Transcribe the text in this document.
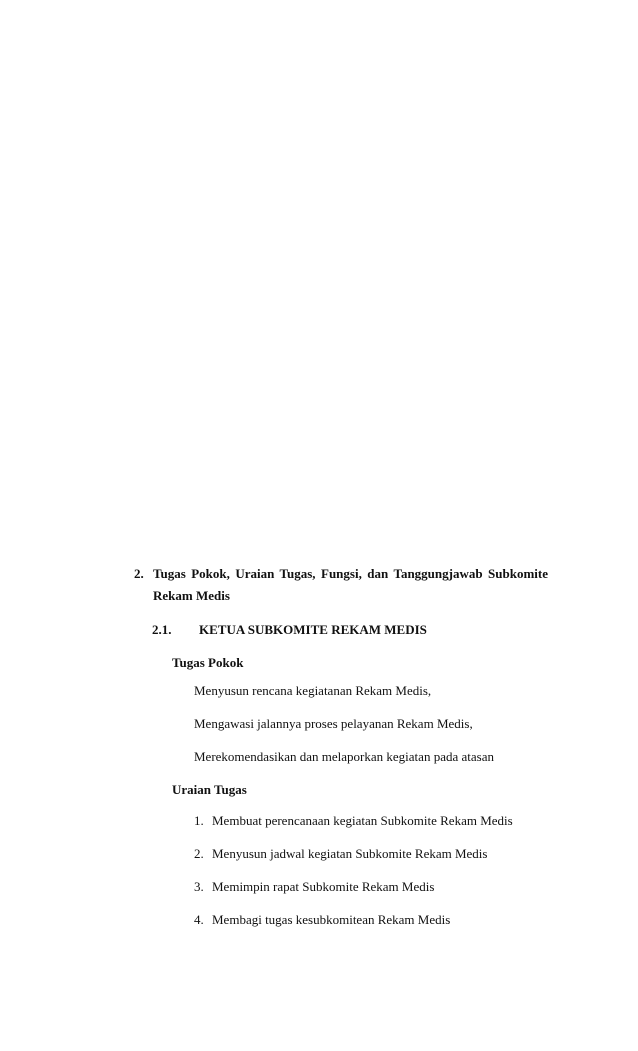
2. Tugas Pokok, Uraian Tugas, Fungsi, dan Tanggungjawab Subkomite
Rekam Medis
2.1. KETUA SUBKOMITE REKAM MEDIS
Tugas Pokok
Menyusun rencana kegiatanan Rekam Medis,
Mengawasi jalannya proses pelayanan Rekam Medis,
Merekomendasikan dan melaporkan kegiatan pada atasan
Uraian Tugas
1. Membuat perencanaan kegiatan Subkomite Rekam Medis
2. Menyusun jadwal kegiatan Subkomite Rekam Medis
3. Memimpin rapat Subkomite Rekam Medis
4. Membagi tugas kesubkomitean Rekam Medis
